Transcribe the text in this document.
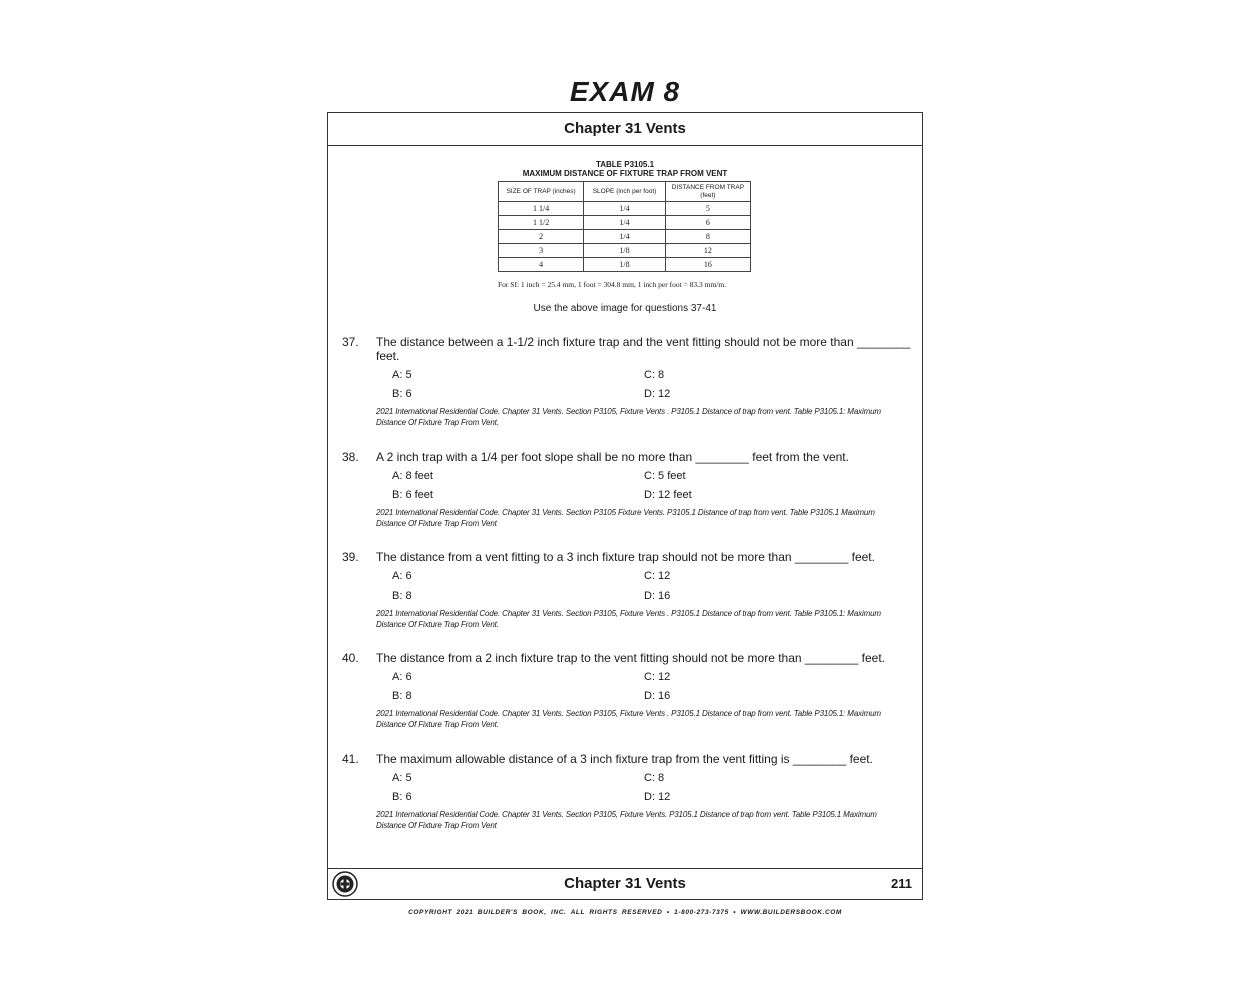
EXAM 8
Chapter 31 Vents
Chapter 31 Vents	211
TABLE P3105.1
MAXIMUM DISTANCE OF FIXTURE TRAP FROM VENT
SIZE OF TRAP (inches)	SLOPE (inch per foot)	DISTANCE FROM TRAP (feet)
1 1/4	1/4	5
1 1/2	1/4	6
2	1/4	8
3	1/8	12
4	1/8	16
For SI: 1 inch = 25.4 mm, 1 foot = 304.8 mm, 1 inch per foot = 83.3 mm/m.
Use the above image for questions 37-41
37. The distance between a 1-1/2 inch fixture trap and the vent fitting should not be more than ________ feet.
A: 5	C: 8
B: 6	D: 12
2021 International Residential Code. Chapter 31 Vents. Section P3105, Fixture Vents . P3105.1 Distance of trap from vent. Table P3105.1: Maximum Distance Of Fixture Trap From Vent.
38. A 2 inch trap with a 1/4 per foot slope shall be no more than ________ feet from the vent.
A: 8 feet	C: 5 feet
B: 6 feet	D: 12 feet
2021 International Residential Code. Chapter 31 Vents. Section P3105 Fixture Vents. P3105.1 Distance of trap from vent. Table P3105.1 Maximum Distance Of Fixture Trap From Vent
39. The distance from a vent fitting to a 3 inch fixture trap should not be more than ________ feet.
A: 6	C: 12
B: 8	D: 16
2021 International Residential Code. Chapter 31 Vents. Section P3105, Fixture Vents . P3105.1 Distance of trap from vent. Table P3105.1: Maximum Distance Of Fixture Trap From Vent.
40. The distance from a 2 inch fixture trap to the vent fitting should not be more than ________ feet.
A: 6	C: 12
B: 8	D: 16
2021 International Residential Code. Chapter 31 Vents. Section P3105, Fixture Vents . P3105.1 Distance of trap from vent. Table P3105.1: Maximum Distance Of Fixture Trap From Vent.
41. The maximum allowable distance of a 3 inch fixture trap from the vent fitting is ________ feet.
A: 5	C: 8
B: 6	D: 12
2021 International Residential Code. Chapter 31 Vents. Section P3105, Fixture Vents. P3105.1 Distance of trap from vent. Table P3105.1 Maximum Distance Of Fixture Trap From Vent
COPYRIGHT 2021 BUILDER'S BOOK, INC. ALL RIGHTS RESERVED • 1-800-273-7375 • WWW.BUILDERSBOOK.COM
